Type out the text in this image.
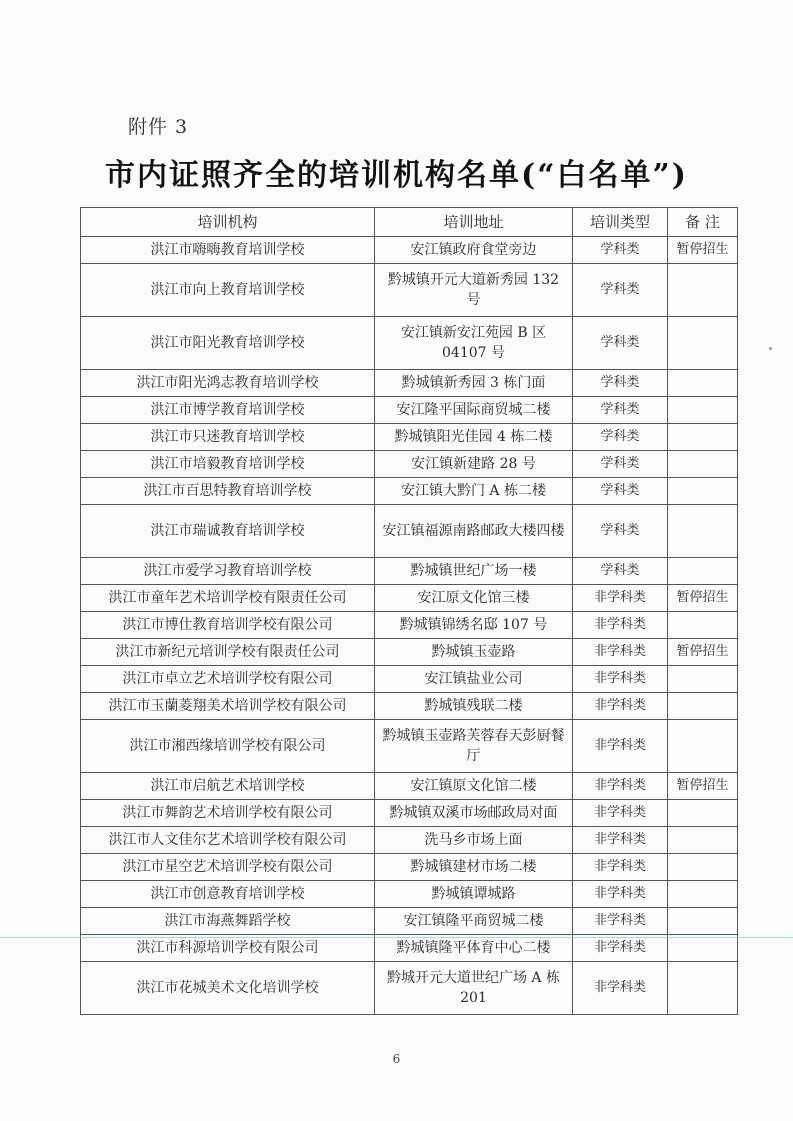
附件 3
市内证照齐全的培训机构名单(“白名单”)
培训机构	培训地址	培训类型	备 注
洪江市嗨嗨教育培训学校	安江镇政府食堂旁边	学科类	暂停招生
洪江市向上教育培训学校	黔城镇开元大道新秀园 132 号	学科类	
洪江市阳光教育培训学校	安江镇新安江苑园 B 区 04107 号	学科类	
洪江市阳光鸿志教育培训学校	黔城镇新秀园 3 栋门面	学科类	
洪江市博学教育培训学校	安江隆平国际商贸城二楼	学科类	
洪江市只迷教育培训学校	黔城镇阳光佳园 4 栋二楼	学科类	
洪江市培毅教育培训学校	安江镇新建路 28 号	学科类	
洪江市百思特教育培训学校	安江镇大黔门 A 栋二楼	学科类	
洪江市瑞诚教育培训学校	安江镇福源南路邮政大楼四楼	学科类	
洪江市爱学习教育培训学校	黔城镇世纪广场一楼	学科类	
洪江市童年艺术培训学校有限责任公司	安江原文化馆三楼	非学科类	暂停招生
洪江市博仕教育培训学校有限公司	黔城镇锦绣名邸 107 号	非学科类	
洪江市新纪元培训学校有限责任公司	黔城镇玉壶路	非学科类	暂停招生
洪江市卓立艺术培训学校有限公司	安江镇盐业公司	非学科类	
洪江市玉蘭菱翔美术培训学校有限公司	黔城镇残联二楼	非学科类	
洪江市湘西缘培训学校有限公司	黔城镇玉壶路芙蓉春天彭厨餐厅	非学科类	
洪江市启航艺术培训学校	安江镇原文化馆二楼	非学科类	暂停招生
洪江市舞韵艺术培训学校有限公司	黔城镇双溪市场邮政局对面	非学科类	
洪江市人文佳尔艺术培训学校有限公司	洗马乡市场上面	非学科类	
洪江市星空艺术培训学校有限公司	黔城镇建材市场二楼	非学科类	
洪江市创意教育培训学校	黔城镇谭城路	非学科类	
洪江市海燕舞蹈学校	安江镇隆平商贸城二楼	非学科类	
洪江市科源培训学校有限公司	黔城镇隆平体育中心二楼	非学科类	
洪江市花城美术文化培训学校	黔城开元大道世纪广场 A 栋 201	非学科类	
6
